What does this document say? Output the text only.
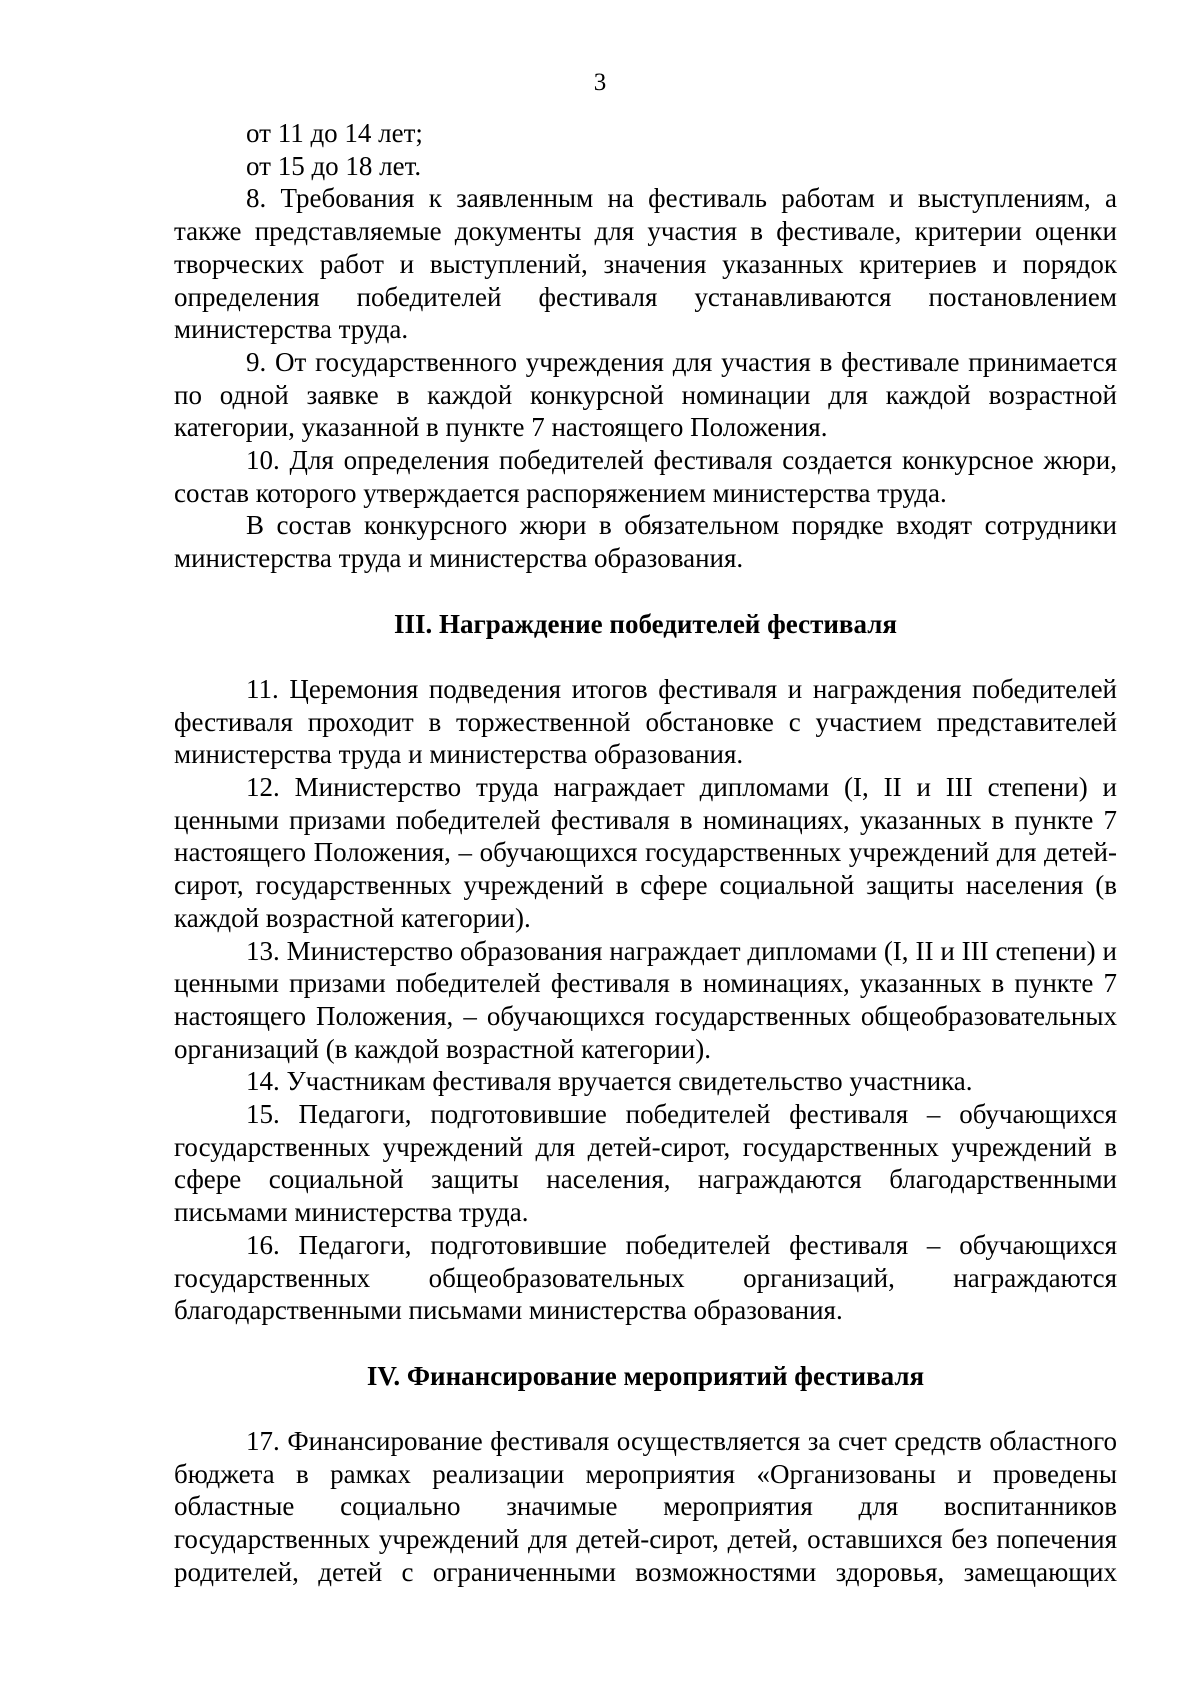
3

от 11 до 14 лет;

от 15 до 18 лет.

8. Требования к заявленным на фестиваль работам и выступлениям, а также представляемые документы для участия в фестивале, критерии оценки творческих работ и выступлений, значения указанных критериев и порядок определения победителей фестиваля устанавливаются постановлением министерства труда.

9. От государственного учреждения для участия в фестивале принимается по одной заявке в каждой конкурсной номинации для каждой возрастной категории, указанной в пункте 7 настоящего Положения.

10. Для определения победителей фестиваля создается конкурсное жюри, состав которого утверждается распоряжением министерства труда.

В состав конкурсного жюри в обязательном порядке входят сотрудники министерства труда и министерства образования.

III. Награждение победителей фестиваля

11. Церемония подведения итогов фестиваля и награждения победителей фестиваля проходит в торжественной обстановке с участием представителей министерства труда и министерства образования.

12. Министерство труда награждает дипломами (I, II и III степени) и ценными призами победителей фестиваля в номинациях, указанных в пункте 7 настоящего Положения, – обучающихся государственных учреждений для детей-сирот, государственных учреждений в сфере социальной защиты населения (в каждой возрастной категории).

13. Министерство образования награждает дипломами (I, II и III степени) и ценными призами победителей фестиваля в номинациях, указанных в пункте 7 настоящего Положения, – обучающихся государственных общеобразовательных организаций (в каждой возрастной категории).

14. Участникам фестиваля вручается свидетельство участника.

15. Педагоги, подготовившие победителей фестиваля – обучающихся государственных учреждений для детей-сирот, государственных учреждений в сфере социальной защиты населения, награждаются благодарственными письмами министерства труда.

16. Педагоги, подготовившие победителей фестиваля – обучающихся государственных общеобразовательных организаций, награждаются благодарственными письмами министерства образования.

IV. Финансирование мероприятий фестиваля

17. Финансирование фестиваля осуществляется за счет средств областного бюджета в рамках реализации мероприятия «Организованы и проведены областные социально значимые мероприятия для воспитанников государственных учреждений для детей-сирот, детей, оставшихся без попечения родителей, детей с ограниченными возможностями здоровья, замещающих
